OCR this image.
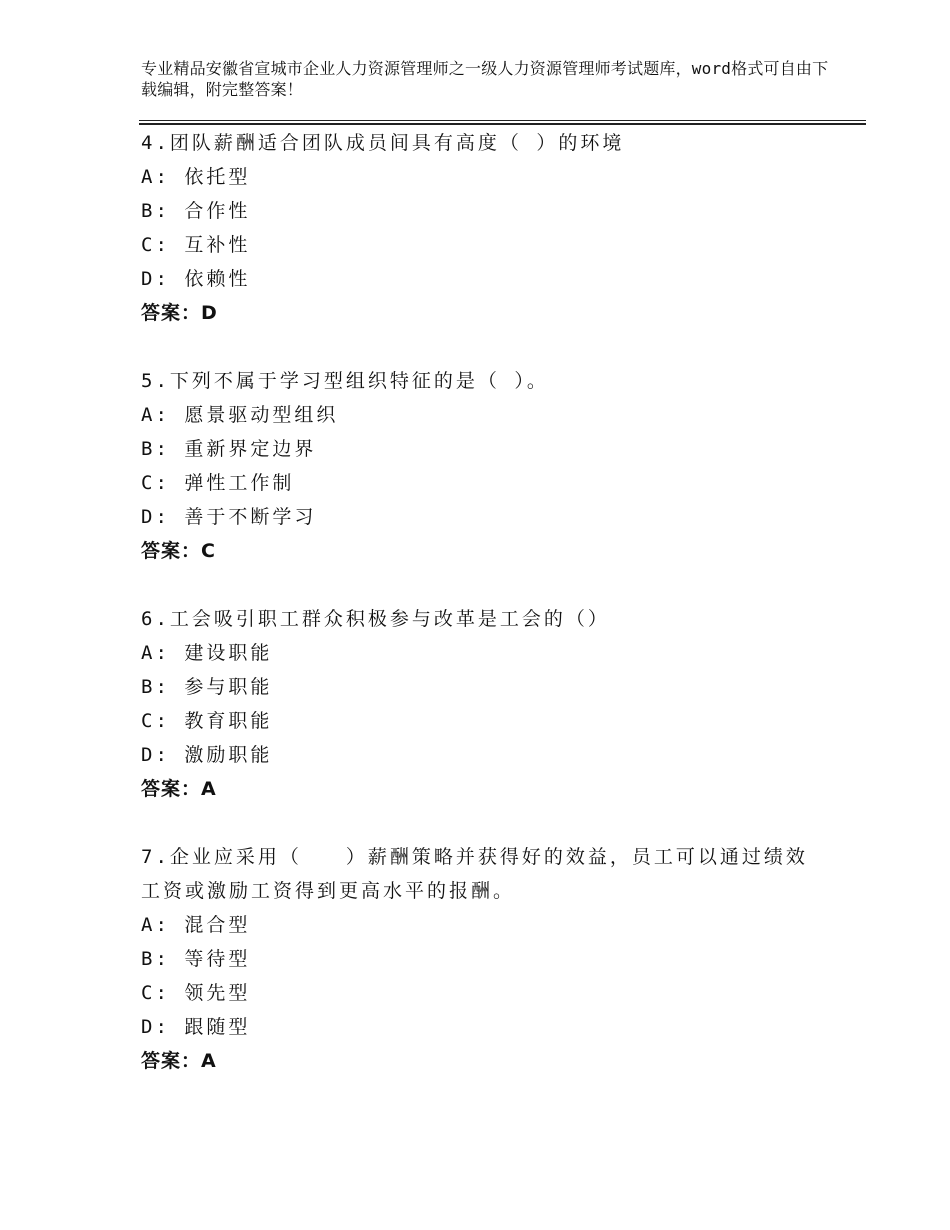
专业精品安徽省宣城市企业人力资源管理师之一级人力资源管理师考试题库，word格式可自由下载编辑，附完整答案！

4.团队薪酬适合团队成员间具有高度（ ）的环境

A: 依托型

B: 合作性

C: 互补性

D: 依赖性

答案：D

5.下列不属于学习型组织特征的是（ ）。

A: 愿景驱动型组织

B: 重新界定边界

C: 弹性工作制

D: 善于不断学习

答案：C

6.工会吸引职工群众积极参与改革是工会的（）

A: 建设职能

B: 参与职能

C: 教育职能

D: 激励职能

答案：A

7.企业应采用（　　）薪酬策略并获得好的效益，员工可以通过绩效工资或激励工资得到更高水平的报酬。

A: 混合型

B: 等待型

C: 领先型

D: 跟随型

答案：A
